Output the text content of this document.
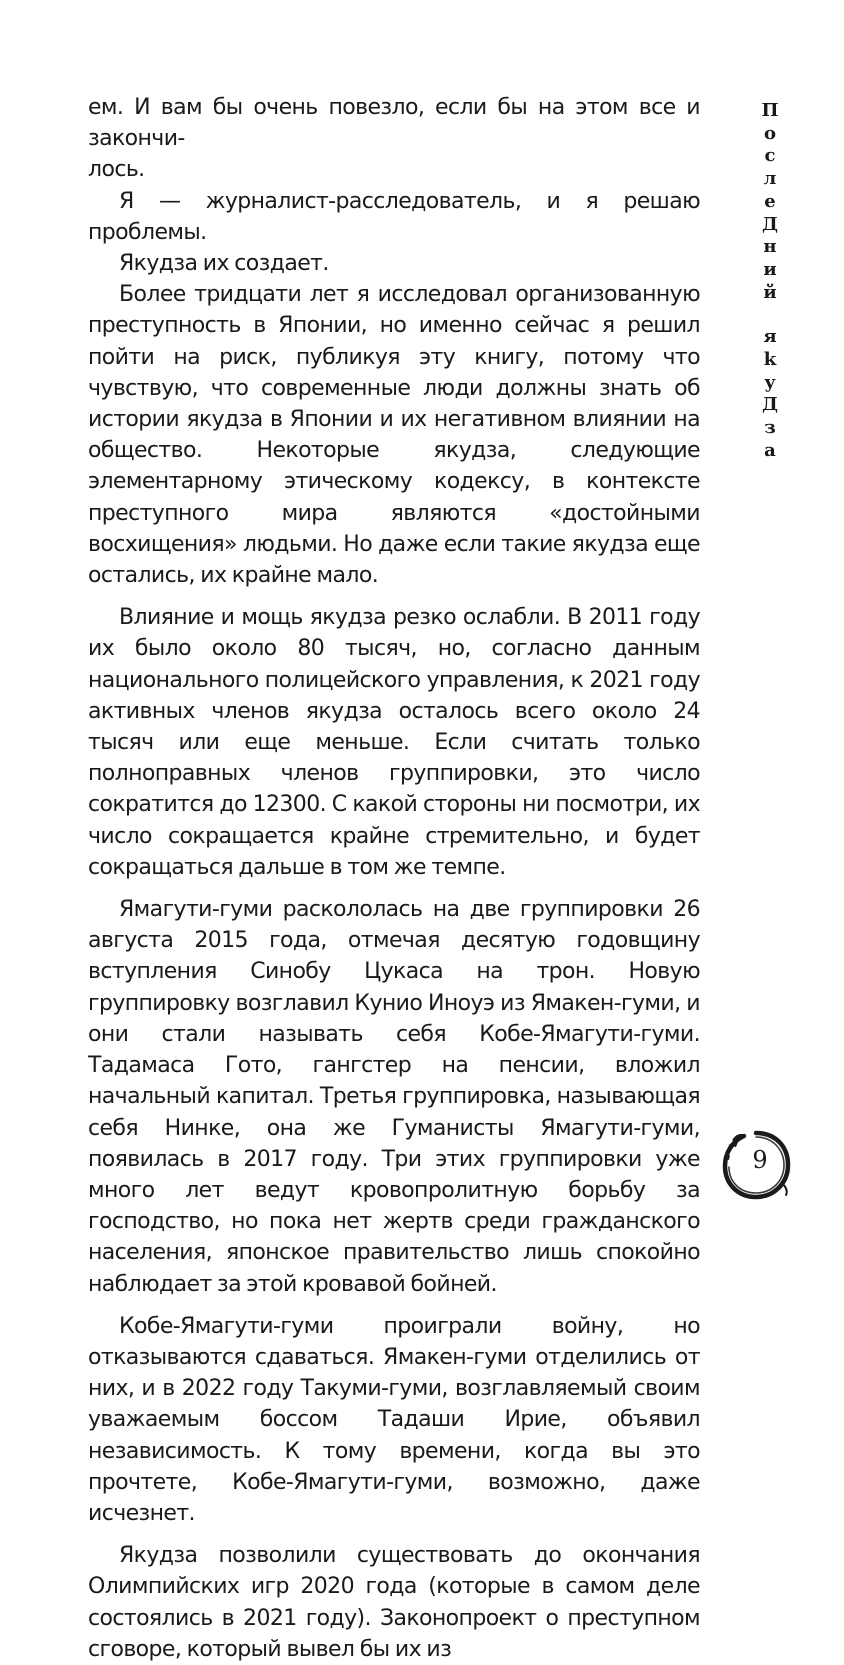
ем. И вам бы очень повезло, если бы на этом все и закончи-
лось.

Я — журналист-расследователь, и я решаю проблемы.

Якудза их создает.

Более тридцати лет я исследовал организованную преступность в Японии, но именно сейчас я решил пойти на риск, публикуя эту книгу, потому что чувствую, что современные люди должны знать об истории якудза в Японии и их негативном влиянии на общество. Некоторые якудза, следующие элементарному этическому кодексу, в контексте преступного мира являются «достойными восхищения» людьми. Но даже если такие якудза еще остались, их крайне мало.

Влияние и мощь якудза резко ослабли. В 2011 году их было около 80 тысяч, но, согласно данным национального полицейского управления, к 2021 году активных членов якудза осталось всего около 24 тысяч или еще меньше. Если считать только полноправных членов группировки, это число сократится до 12300. С какой стороны ни посмотри, их число сокращается крайне стремительно, и будет сокращаться дальше в том же темпе.

Ямагути-гуми раскололась на две группировки 26 августа 2015 года, отмечая десятую годовщину вступления Синобу Цукаса на трон. Новую группировку возглавил Кунио Иноуэ из Ямакен-гуми, и они стали называть себя Кобе-Ямагути-гуми. Тадамаса Гото, гангстер на пенсии, вложил начальный капитал. Третья группировка, называющая себя Нинке, она же Гуманисты Ямагути-гуми, появилась в 2017 году. Три этих группировки уже много лет ведут кровопролитную борьбу за господство, но пока нет жертв среди гражданского населения, японское правительство лишь спокойно наблюдает за этой кровавой бойней.

Кобе-Ямагути-гуми проиграли войну, но отказываются сдаваться. Ямакен-гуми отделились от них, и в 2022 году Такуми-гуми, возглавляемый своим уважаемым боссом Тадаши Ирие, объявил независимость. К тому времени, когда вы это прочтете, Кобе-Ямагути-гуми, возможно, даже исчезнет.

Якудза позволили существовать до окончания Олимпийских игр 2020 года (которые в самом деле состоялись в 2021 году). Законопроект о преступном сговоре, который вывел бы их из

П
о
с
л
е
Д
н
и
й
я
k
у
Д
з
а
9
